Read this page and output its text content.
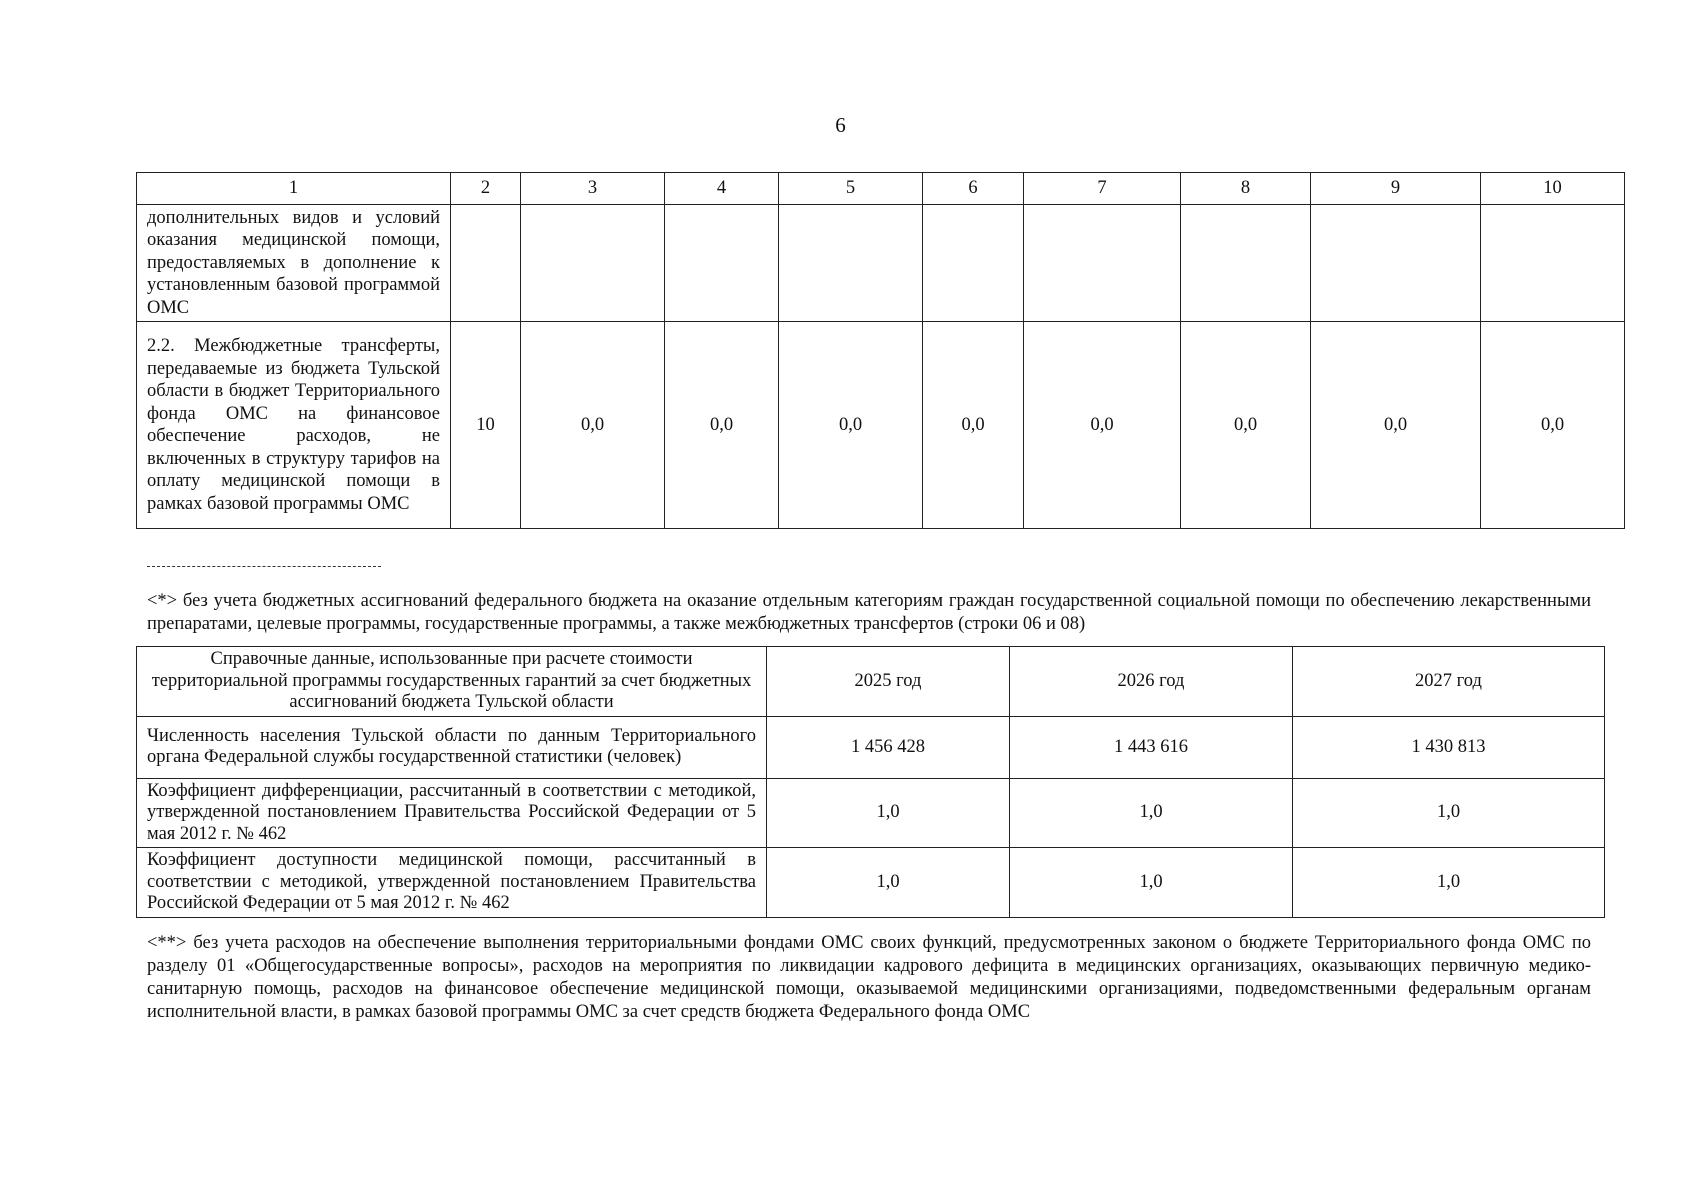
6
1	2	3	4	5	6	7	8	9	10
дополнительных видов и условий оказания медицинской помощи, предоставляемых в дополнение к установленным базовой программой ОМС									
2.2. Межбюджетные трансферты, передаваемые из бюджета Тульской области в бюджет Территориального фонда ОМС на финансовое обеспечение расходов, не включенных в структуру тарифов на оплату медицинской помощи в рамках базовой программы ОМС	10	0,0	0,0	0,0	0,0	0,0	0,0	0,0	0,0
<*> без учета бюджетных ассигнований федерального бюджета на оказание отдельным категориям граждан государственной социальной помощи по обеспечению лекарственными препаратами, целевые программы, государственные программы, а также межбюджетных трансфертов (строки 06 и 08)
Справочные данные, использованные при расчете стоимости территориальной программы государственных гарантий за счет бюджетных ассигнований бюджета Тульской области	2025 год	2026 год	2027 год
Численность населения Тульской области по данным Территориального органа Федеральной службы государственной статистики (человек)	1 456 428	1 443 616	1 430 813
Коэффициент дифференциации, рассчитанный в соответствии с методикой, утвержденной постановлением Правительства Российской Федерации от 5 мая 2012 г. № 462	1,0	1,0	1,0
Коэффициент доступности медицинской помощи, рассчитанный в соответствии с методикой, утвержденной постановлением Правительства Российской Федерации от 5 мая 2012 г. № 462	1,0	1,0	1,0
<**> без учета расходов на обеспечение выполнения территориальными фондами ОМС своих функций, предусмотренных законом о бюджете Территориального фонда ОМС по разделу 01 «Общегосударственные вопросы», расходов на мероприятия по ликвидации кадрового дефицита в медицинских организациях, оказывающих первичную медико-санитарную помощь, расходов на финансовое обеспечение медицинской помощи, оказываемой медицинскими организациями, подведомственными федеральным органам исполнительной власти, в рамках базовой программы ОМС за счет средств бюджета Федерального фонда ОМС
